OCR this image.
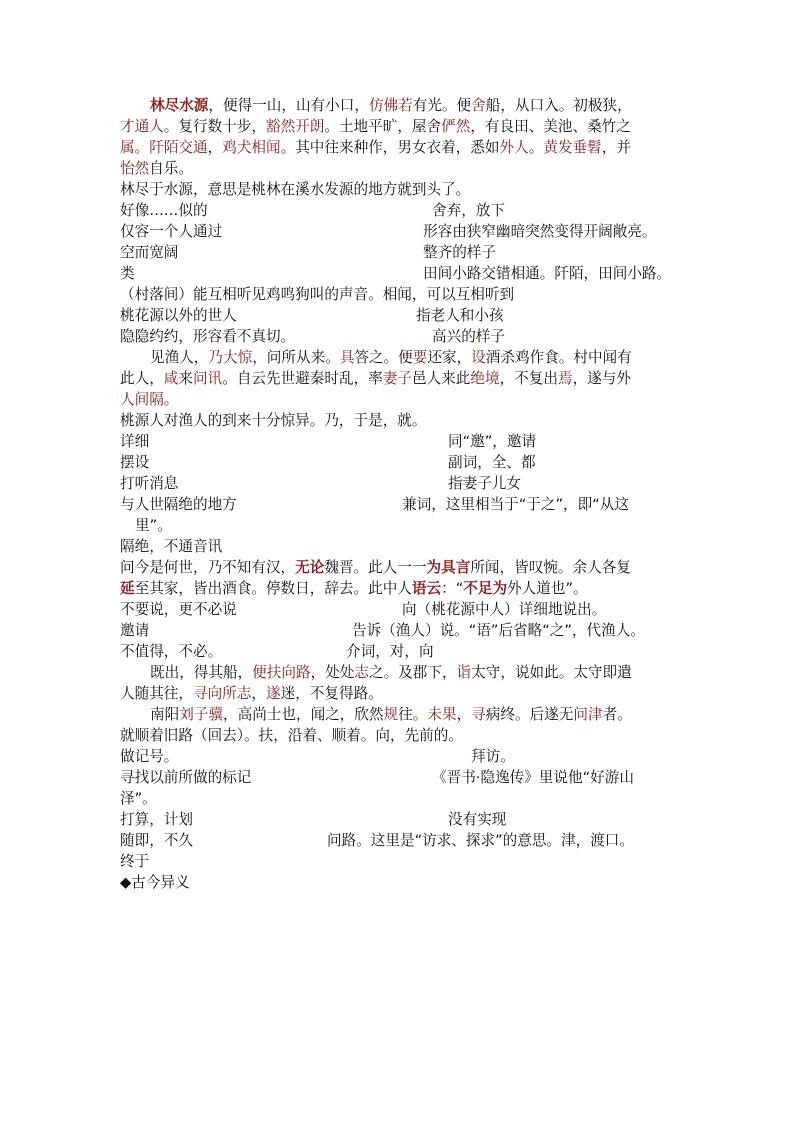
林尽水源，便得一山，山有小口，仿佛若有光。便舍船，从口入。初极狭，
才通人。复行数十步，豁然开朗。土地平旷，屋舍俨然，有良田、美池、桑竹之
属。阡陌交通，鸡犬相闻。其中往来种作，男女衣着，悉如外人。黄发垂髫，并
怡然自乐。
林尽于水源，意思是桃林在溪水发源的地方就到头了。
好像……似的	舍弃，放下
仅容一个人通过	形容由狭窄幽暗突然变得开阔敞亮。
空而宽阔	整齐的样子
类	田间小路交错相通。阡陌，田间小路。
（村落间）能互相听见鸡鸣狗叫的声音。相闻，可以互相听到
桃花源以外的世人	指老人和小孩
隐隐约约，形容看不真切。	高兴的样子
见渔人，乃大惊，问所从来。具答之。便要还家，设酒杀鸡作食。村中闻有
此人，咸来问讯。自云先世避秦时乱，率妻子邑人来此绝境，不复出焉，遂与外
人间隔。
桃源人对渔人的到来十分惊异。乃，于是，就。
详细	同“邀”，邀请
摆设	副词，全、都
打听消息	指妻子儿女
与人世隔绝的地方	兼词，这里相当于“于之”，即“从这
里”。
隔绝，不通音讯
问今是何世，乃不知有汉，无论魏晋。此人一一为具言所闻，皆叹惋。余人各复
延至其家，皆出酒食。停数日，辞去。此中人语云：“不足为外人道也”。
不要说，更不必说	向（桃花源中人）详细地说出。
邀请	告诉（渔人）说。“语”后省略“之”，代渔人。
不值得，不必。	介词，对，向
既出，得其船，便扶向路，处处志之。及郡下，诣太守，说如此。太守即遣
人随其往，寻向所志，遂迷，不复得路。
南阳刘子骥，高尚士也，闻之，欣然规往。未果，寻病终。后遂无问津者。
就顺着旧路（回去）。扶，沿着、顺着。向，先前的。
做记号。	拜访。
寻找以前所做的标记	《晋书·隐逸传》里说他“好游山
泽”。
打算，计划	没有实现
随即，不久	问路。这里是“访求、探求”的意思。津，渡口。
终于
◆古今异义
